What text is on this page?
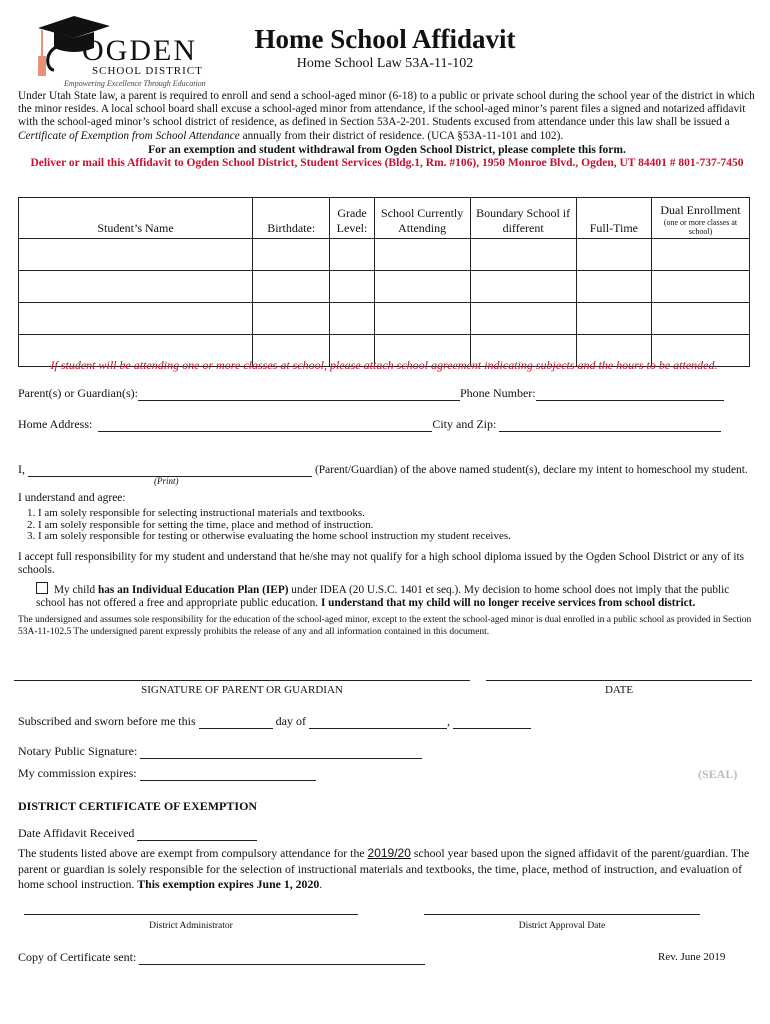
OGDEN
SCHOOL DISTRICT
Empowering Excellence Through Education
Home School Affidavit
Home School Law 53A-11-102
Under Utah State law, a parent is required to enroll and send a school-aged minor (6-18) to a public or private school during the school year of the district in which the minor resides. A local school board shall excuse a school-aged minor from attendance, if the school-aged minor’s parent files a signed and notarized affidavit with the school-aged minor’s school district of residence, as defined in Section 53A-2-201. Students excused from attendance under this law shall be issued a Certificate of Exemption from School Attendance annually from their district of residence. (UCA §53A-11-101 and 102).
For an exemption and student withdrawal from Ogden School District, please complete this form.
Deliver or mail this Affidavit to Ogden School District, Student Services (Bldg.1, Rm. #106), 1950 Monroe Blvd., Ogden, UT 84401 # 801-737-7450
Student’s Name	Birthdate:	Grade Level:	School Currently Attending	Boundary School if different	Full-Time	Dual Enrollment
(one or more classes at school)

If student will be attending one or more classes at school, please attach school agreement indicating subjects and the hours to be attended.
Parent(s) or Guardian(s):	Phone Number:
Home Address:	City and Zip:
I,	(Parent/Guardian) of the above named student(s), declare my intent to homeschool my student.
(Print)
I understand and agree:
1. I am solely responsible for selecting instructional materials and textbooks.
2. I am solely responsible for setting the time, place and method of instruction.
3. I am solely responsible for testing or otherwise evaluating the home school instruction my student receives.
I accept full responsibility for my student and understand that he/she may not qualify for a high school diploma issued by the Ogden School District or any of its schools.
My child has an Individual Education Plan (IEP) under IDEA (20 U.S.C. 1401 et seq.). My decision to home school does not imply that the public school has not offered a free and appropriate public education. I understand that my child will no longer receive services from school district.
The undersigned and assumes sole responsibility for the education of the school-aged minor, except to the extent the school-aged minor is dual enrolled in a public school as provided in Section 53A-11-102.5 The undersigned parent expressly prohibits the release of any and all information contained in this document.
SIGNATURE OF PARENT OR GUARDIAN	DATE
Subscribed and sworn before me this	day of	,
Notary Public Signature:
My commission expires:	(SEAL)
DISTRICT CERTIFICATE OF EXEMPTION
Date Affidavit Received
The students listed above are exempt from compulsory attendance for the 2019/20 school year based upon the signed affidavit of the parent/guardian. The parent or guardian is solely responsible for the selection of instructional materials and textbooks, the time, place, method of instruction, and evaluation of home school instruction. This exemption expires June 1, 2020.
District Administrator	District Approval Date
Copy of Certificate sent:	Rev. June 2019
